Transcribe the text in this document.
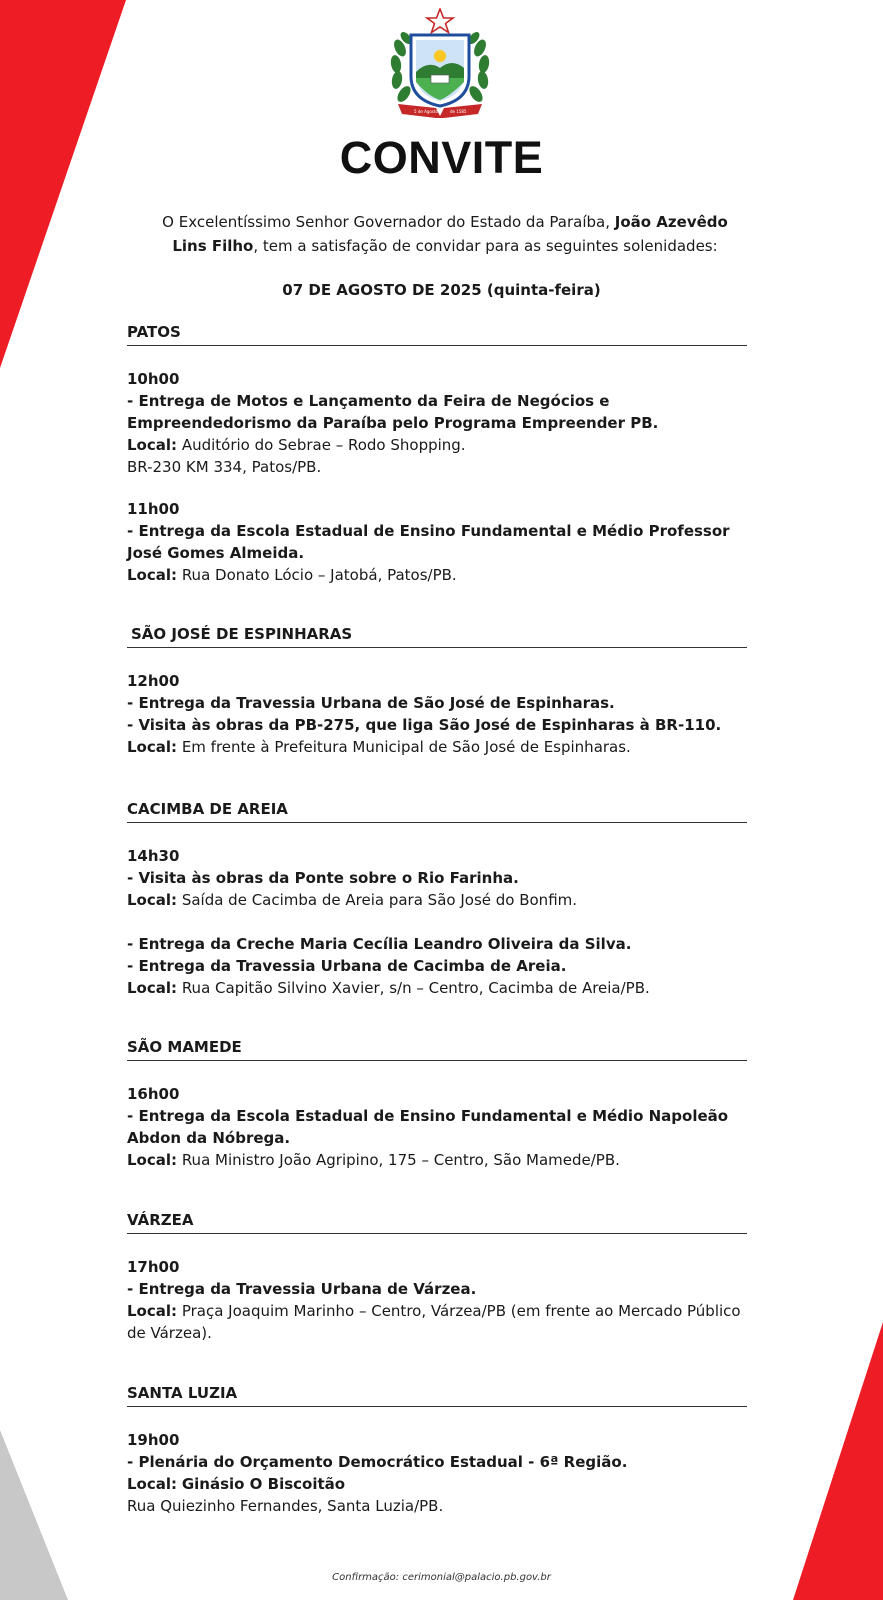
5 de Agosto	de 1585
CONVITE

O Excelentíssimo Senhor Governador do Estado da Paraíba, João Azevêdo Lins Filho, tem a satisfação de convidar para as seguintes solenidades:

07 DE AGOSTO DE 2025 (quinta-feira)

PATOS

10h00

- Entrega de Motos e Lançamento da Feira de Negócios e Empreendedorismo da Paraíba pelo Programa Empreender PB.

Local: Auditório do Sebrae – Rodo Shopping.

BR-230 KM 334, Patos/PB.

11h00

- Entrega da Escola Estadual de Ensino Fundamental e Médio Professor José Gomes Almeida.

Local: Rua Donato Lócio – Jatobá, Patos/PB.

SÃO JOSÉ DE ESPINHARAS

12h00

- Entrega da Travessia Urbana de São José de Espinharas.

- Visita às obras da PB-275, que liga São José de Espinharas à BR-110.

Local: Em frente à Prefeitura Municipal de São José de Espinharas.

CACIMBA DE AREIA

14h30

- Visita às obras da Ponte sobre o Rio Farinha.

Local: Saída de Cacimba de Areia para São José do Bonfim.

- Entrega da Creche Maria Cecília Leandro Oliveira da Silva.

- Entrega da Travessia Urbana de Cacimba de Areia.

Local: Rua Capitão Silvino Xavier, s/n – Centro, Cacimba de Areia/PB.

SÃO MAMEDE

16h00

- Entrega da Escola Estadual de Ensino Fundamental e Médio Napoleão Abdon da Nóbrega.

Local: Rua Ministro João Agripino, 175 – Centro, São Mamede/PB.

VÁRZEA

17h00

- Entrega da Travessia Urbana de Várzea.

Local: Praça Joaquim Marinho – Centro, Várzea/PB (em frente ao Mercado Público de Várzea).

SANTA LUZIA

19h00

- Plenária do Orçamento Democrático Estadual - 6ª Região.

Local: Ginásio O Biscoitão

Rua Quiezinho Fernandes, Santa Luzia/PB.

Confirmação: cerimonial@palacio.pb.gov.br
